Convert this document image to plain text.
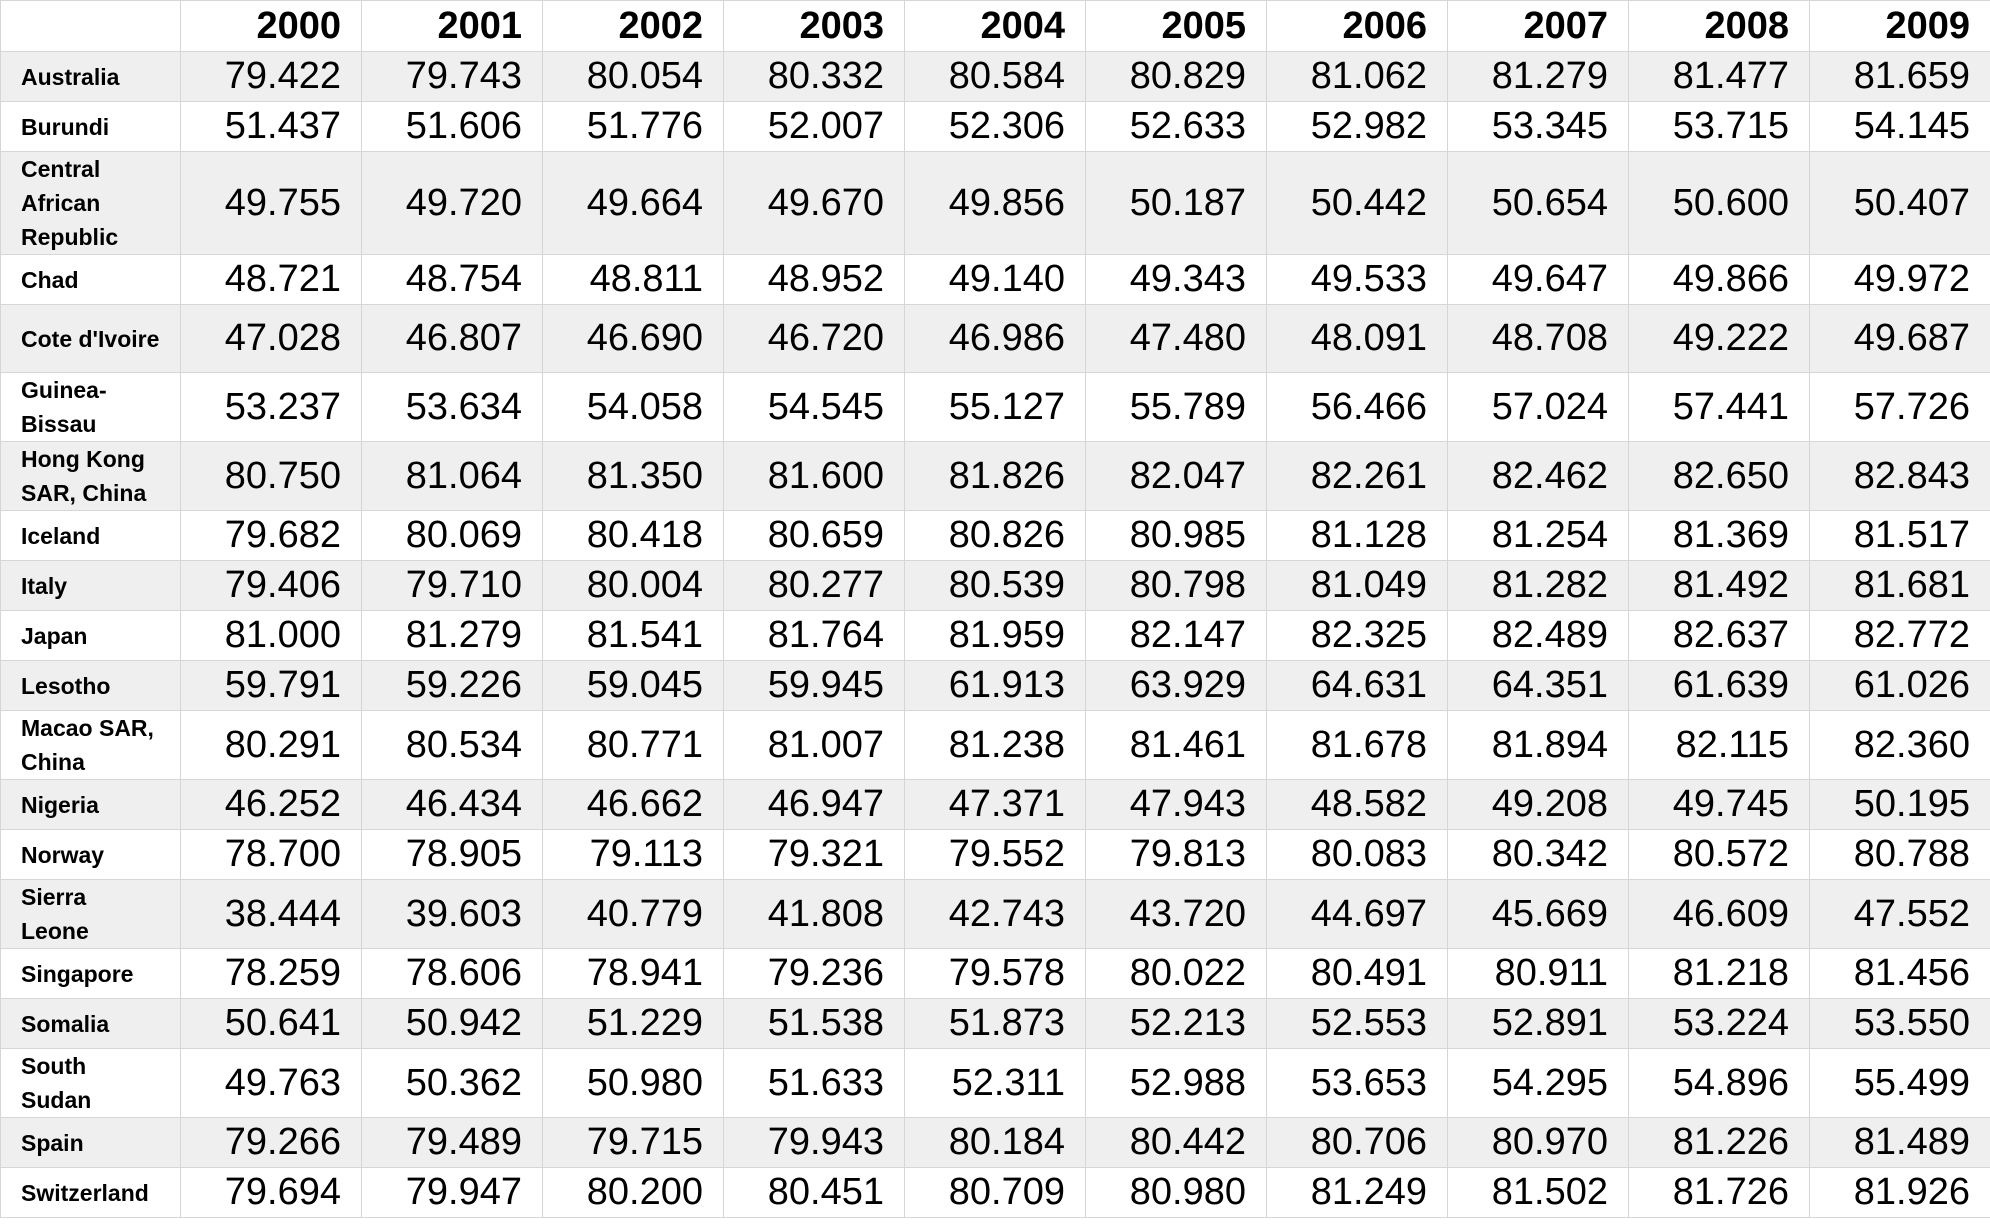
	2000	2001	2002	2003	2004	2005	2006	2007	2008	2009
Australia	79.422	79.743	80.054	80.332	80.584	80.829	81.062	81.279	81.477	81.659
Burundi	51.437	51.606	51.776	52.007	52.306	52.633	52.982	53.345	53.715	54.145
Central African Republic	49.755	49.720	49.664	49.670	49.856	50.187	50.442	50.654	50.600	50.407
Chad	48.721	48.754	48.811	48.952	49.140	49.343	49.533	49.647	49.866	49.972
Cote d'Ivoire	47.028	46.807	46.690	46.720	46.986	47.480	48.091	48.708	49.222	49.687
Guinea-Bissau	53.237	53.634	54.058	54.545	55.127	55.789	56.466	57.024	57.441	57.726
Hong Kong SAR, China	80.750	81.064	81.350	81.600	81.826	82.047	82.261	82.462	82.650	82.843
Iceland	79.682	80.069	80.418	80.659	80.826	80.985	81.128	81.254	81.369	81.517
Italy	79.406	79.710	80.004	80.277	80.539	80.798	81.049	81.282	81.492	81.681
Japan	81.000	81.279	81.541	81.764	81.959	82.147	82.325	82.489	82.637	82.772
Lesotho	59.791	59.226	59.045	59.945	61.913	63.929	64.631	64.351	61.639	61.026
Macao SAR, China	80.291	80.534	80.771	81.007	81.238	81.461	81.678	81.894	82.115	82.360
Nigeria	46.252	46.434	46.662	46.947	47.371	47.943	48.582	49.208	49.745	50.195
Norway	78.700	78.905	79.113	79.321	79.552	79.813	80.083	80.342	80.572	80.788
Sierra Leone	38.444	39.603	40.779	41.808	42.743	43.720	44.697	45.669	46.609	47.552
Singapore	78.259	78.606	78.941	79.236	79.578	80.022	80.491	80.911	81.218	81.456
Somalia	50.641	50.942	51.229	51.538	51.873	52.213	52.553	52.891	53.224	53.550
South Sudan	49.763	50.362	50.980	51.633	52.311	52.988	53.653	54.295	54.896	55.499
Spain	79.266	79.489	79.715	79.943	80.184	80.442	80.706	80.970	81.226	81.489
Switzerland	79.694	79.947	80.200	80.451	80.709	80.980	81.249	81.502	81.726	81.926
